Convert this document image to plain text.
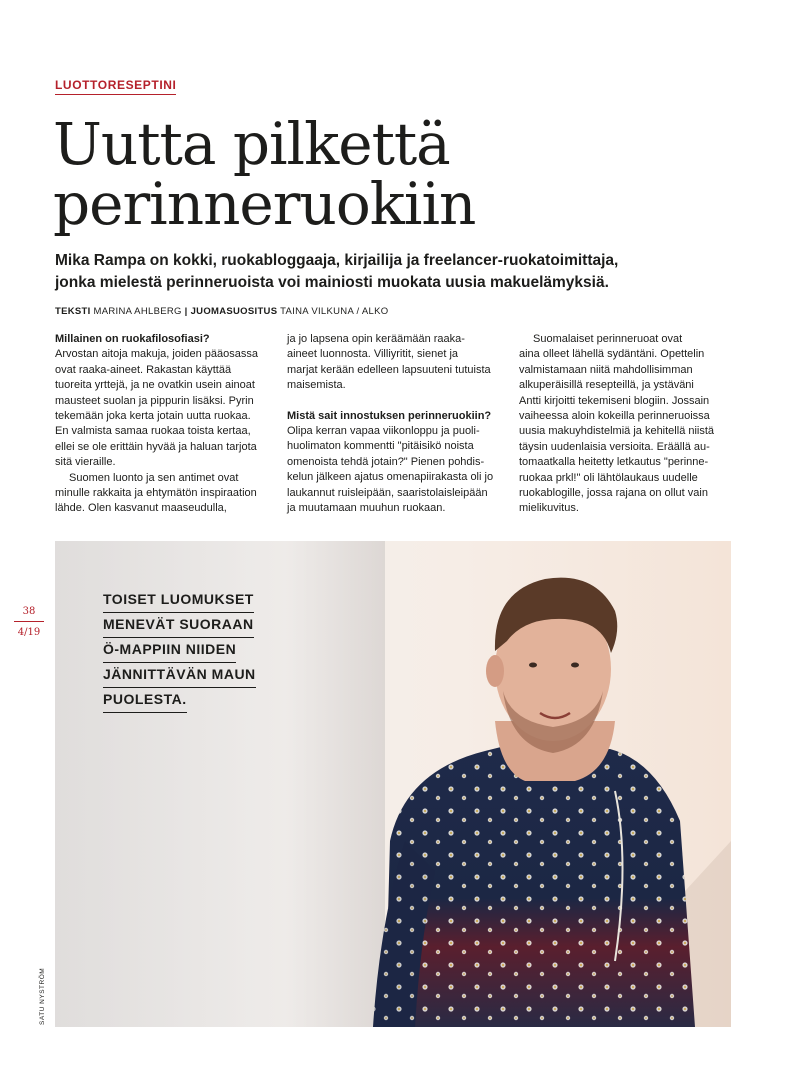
LUOTTORESEPTINI
Uutta pilkettä
perinneruokiin
Mika Rampa on kokki, ruokabloggaaja, kirjailija ja freelancer-ruokatoimittaja,
jonka mielestä perinneruoista voi mainiosti muokata uusia makuelämyksiä.
TEKSTI MARINA AHLBERG | JUOMASUOSITUS TAINA VILKUNA / ALKO
Millainen on ruokafilosofiasi?
Arvostan aitoja makuja, joiden pääosassa
ovat raaka-aineet. Rakastan käyttää
tuoreita yrttejä, ja ne ovatkin usein ainoat
mausteet suolan ja pippurin lisäksi. Pyrin
tekemään joka kerta jotain uutta ruokaa.
En valmista samaa ruokaa toista kertaa,
ellei se ole erittäin hyvää ja haluan tarjota
sitä vieraille.
Suomen luonto ja sen antimet ovat
minulle rakkaita ja ehtymätön inspiraation
lähde. Olen kasvanut maaseudulla,
ja jo lapsena opin keräämään raaka-
aineet luonnosta. Villiyritit, sienet ja
marjat kerään edelleen lapsuuteni tutuista
maisemista.
Mistä sait innostuksen perinneruokiin?
Olipa kerran vapaa viikonloppu ja puoli-
huolimaton kommentti "pitäisikö noista
omenoista tehdä jotain?" Pienen pohdis-
kelun jälkeen ajatus omenapiirakasta oli jo
laukannut ruisleipään, saaristolaisleipään
ja muutamaan muuhun ruokaan.
Suomalaiset perinneruoat ovat
aina olleet lähellä sydäntäni. Opettelin
valmistamaan niitä mahdollisimman
alkuperäisillä resepteillä, ja ystäväni
Antti kirjoitti tekemiseni blogiin. Jossain
vaiheessa aloin kokeilla perinneruoissa
uusia makuyhdistelmiä ja kehitellä niistä
täysin uudenlaisia versioita. Eräällä au-
tomaatkalla heitetty letkautus "perinne-
ruokaa prkl!" oli lähtölaukaus uudelle
ruokablogille, jossa rajana on ollut vain
mielikuvitus.
TOISET LUOMUKSET
MENEVÄT SUORAAN
Ö-MAPPIIN NIIDEN
JÄNNITTÄVÄN MAUN
PUOLESTA.
38
4/19
SATU NYSTRÖM
